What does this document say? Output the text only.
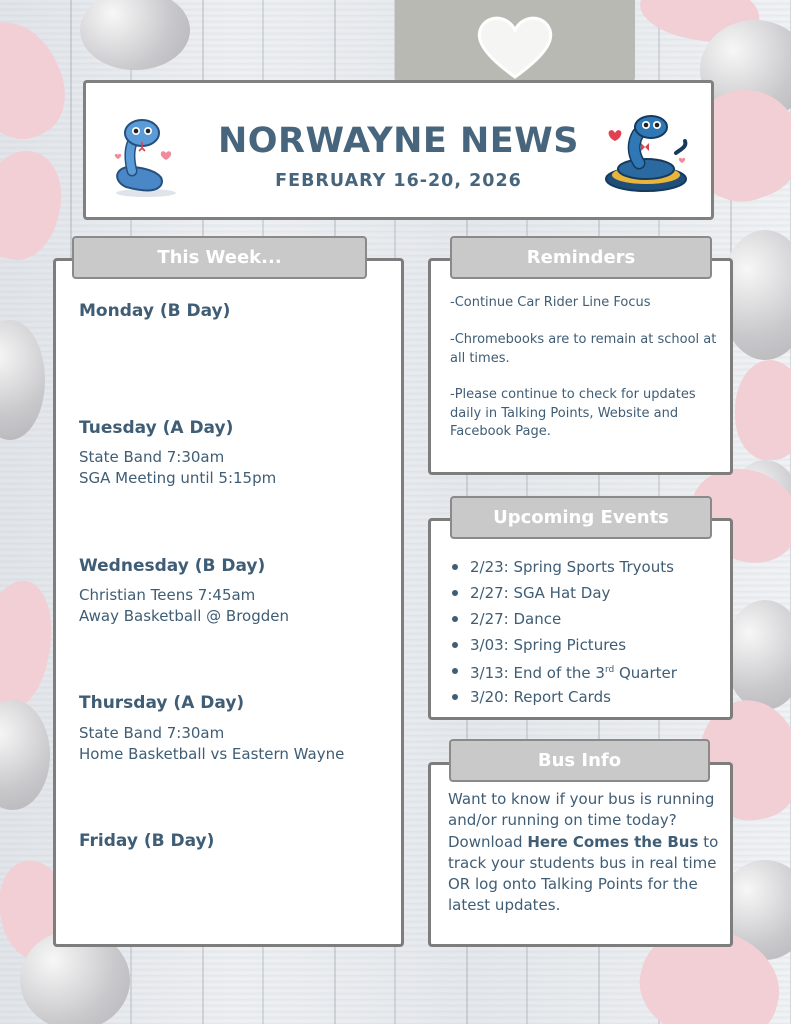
NORWAYNE NEWS
FEBRUARY 16-20, 2026
This Week...
Monday (B Day)
Tuesday (A Day)
State Band 7:30am
SGA Meeting until 5:15pm
Wednesday (B Day)
Christian Teens 7:45am
Away Basketball @ Brogden
Thursday (A Day)
State Band 7:30am
Home Basketball vs Eastern Wayne
Friday (B Day)
Reminders
-Continue Car Rider Line Focus
-Chromebooks are to remain at school at all times.
-Please continue to check for updates daily in Talking Points, Website and Facebook Page.
Upcoming Events
2/23: Spring Sports Tryouts
2/27: SGA Hat Day
2/27: Dance
3/03: Spring Pictures
3/13: End of the 3rd Quarter
3/20: Report Cards
Bus Info
Want to know if your bus is running and/or running on time today?
Download Here Comes the Bus to track your students bus in real time OR log onto Talking Points for the latest updates.
